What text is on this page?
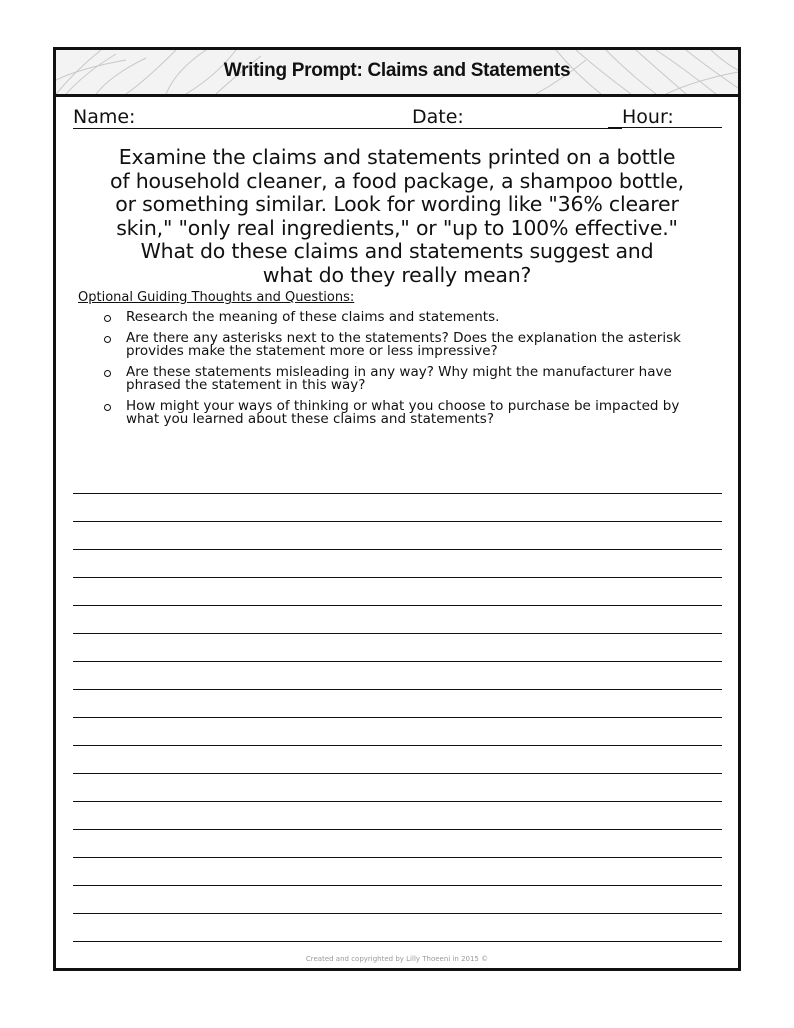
Writing Prompt: Claims and Statements
Name:	Date:	Hour:
Examine the claims and statements printed on a bottle
of household cleaner, a food package, a shampoo bottle,
or something similar. Look for wording like "36% clearer
skin," "only real ingredients," or "up to 100% effective."
What do these claims and statements suggest and
what do they really mean?

Optional Guiding Thoughts and Questions:

Research the meaning of these claims and statements.
Are there any asterisks next to the statements? Does the explanation the asterisk provides make the statement more or less impressive?
Are these statements misleading in any way? Why might the manufacturer have phrased the statement in this way?
How might your ways of thinking or what you choose to purchase be impacted by what you learned about these claims and statements?
Created and copyrighted by Lilly Thoeeni in 2015 ©
